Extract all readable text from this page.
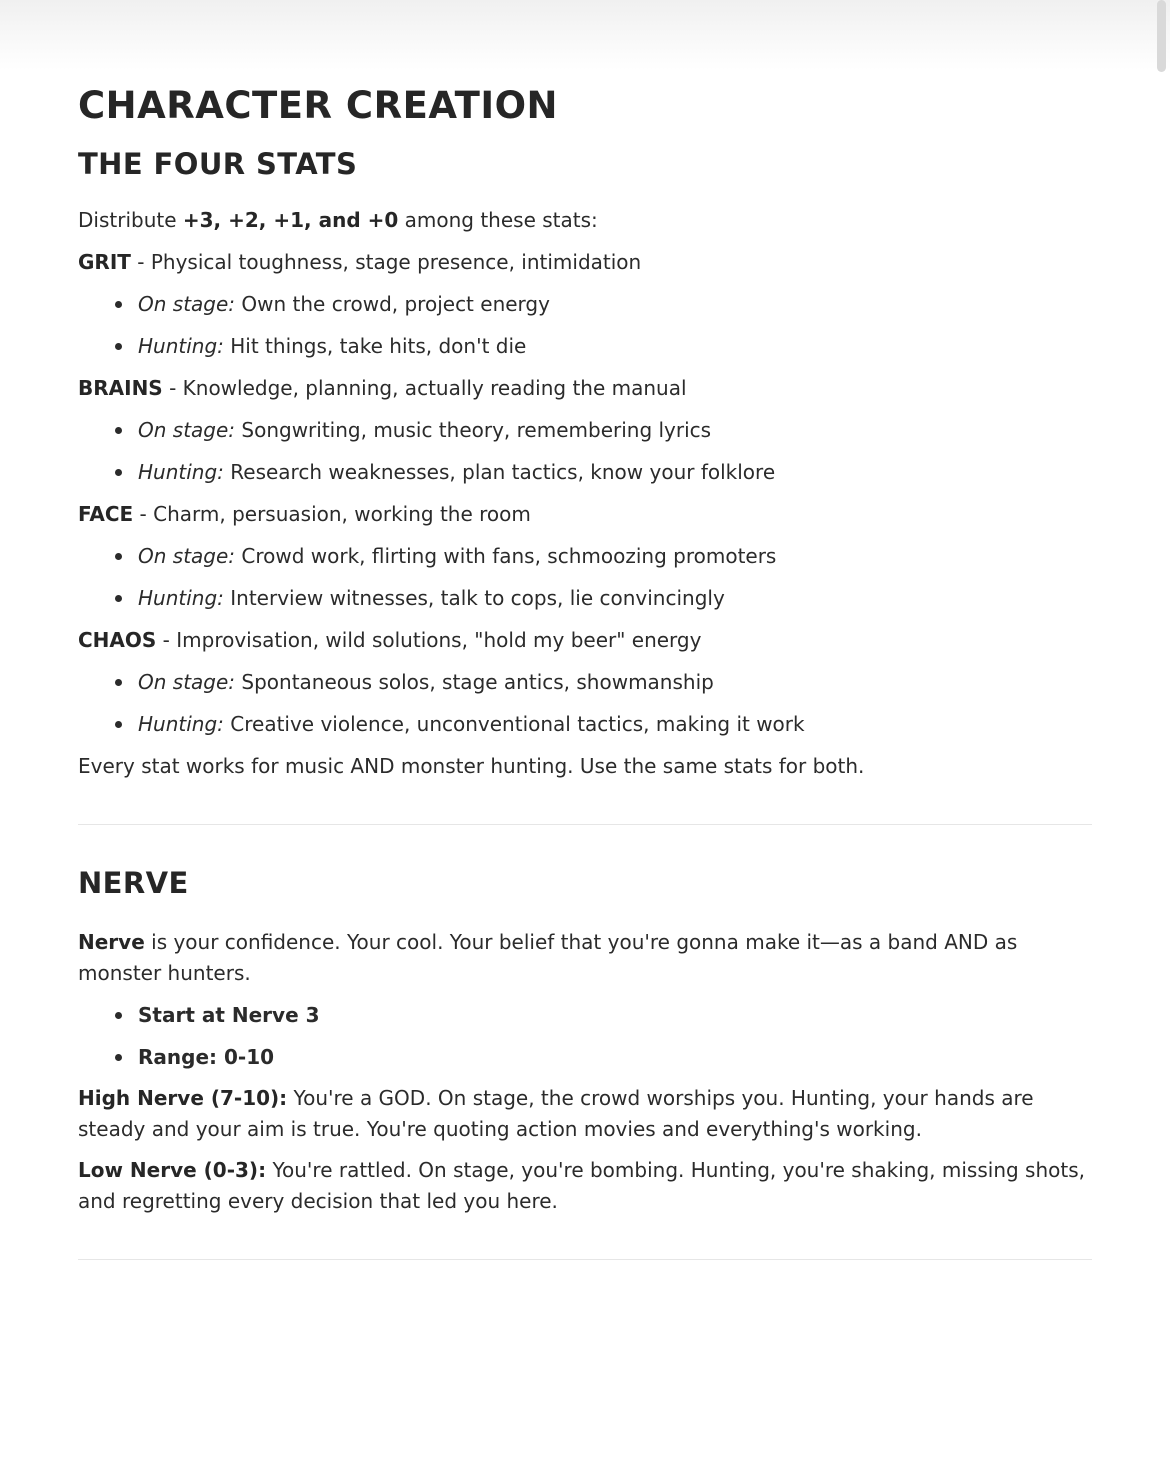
CHARACTER CREATION
THE FOUR STATS

Distribute +3, +2, +1, and +0 among these stats:

GRIT - Physical toughness, stage presence, intimidation

On stage: Own the crowd, project energy
Hunting: Hit things, take hits, don't die

BRAINS - Knowledge, planning, actually reading the manual

On stage: Songwriting, music theory, remembering lyrics
Hunting: Research weaknesses, plan tactics, know your folklore

FACE - Charm, persuasion, working the room

On stage: Crowd work, flirting with fans, schmoozing promoters
Hunting: Interview witnesses, talk to cops, lie convincingly

CHAOS - Improvisation, wild solutions, "hold my beer" energy

On stage: Spontaneous solos, stage antics, showmanship
Hunting: Creative violence, unconventional tactics, making it work

Every stat works for music AND monster hunting. Use the same stats for both.

NERVE

Nerve is your confidence. Your cool. Your belief that you're gonna make it—as a band AND as monster hunters.

Start at Nerve 3
Range: 0-10

High Nerve (7-10): You're a GOD. On stage, the crowd worships you. Hunting, your hands are steady and your aim is true. You're quoting action movies and everything's working.

Low Nerve (0-3): You're rattled. On stage, you're bombing. Hunting, you're shaking, missing shots, and regretting every decision that led you here.
